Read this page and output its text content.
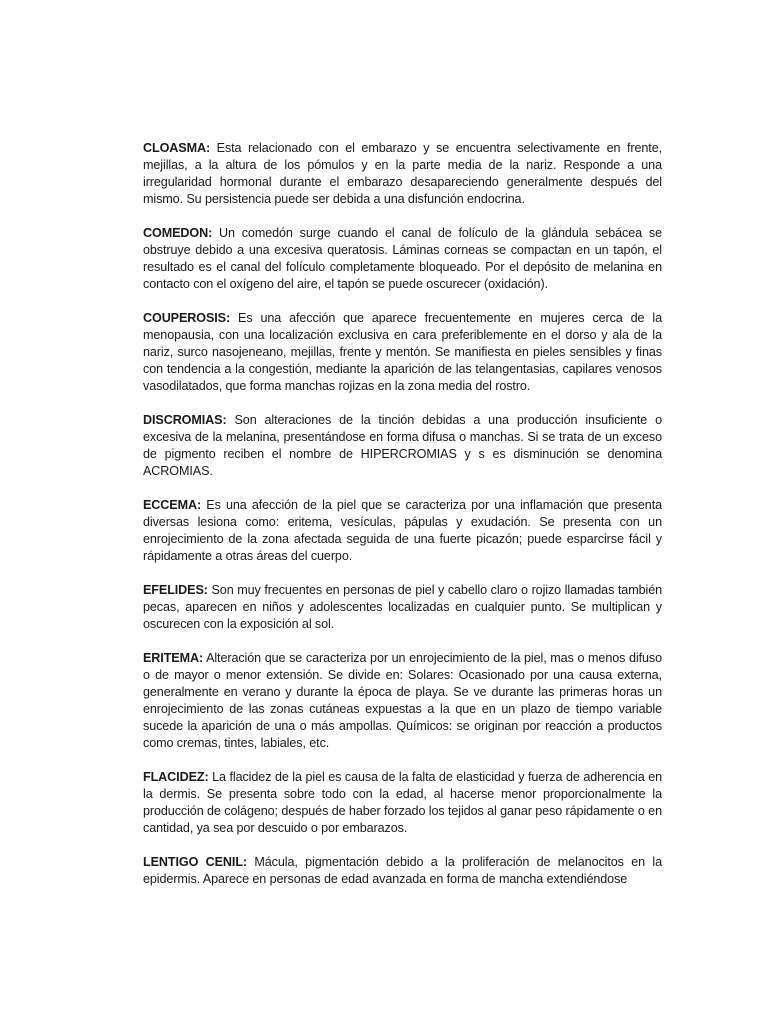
CLOASMA: Esta relacionado con el embarazo y se encuentra selectivamente en frente, mejillas, a la altura de los pómulos y en la parte media de la nariz. Responde a una irregularidad hormonal durante el embarazo desapareciendo generalmente después del mismo. Su persistencia puede ser debida a una disfunción endocrina.

COMEDON: Un comedón surge cuando el canal de folículo de la glándula sebácea se obstruye debido a una excesiva queratosis. Láminas corneas se compactan en un tapón, el resultado es el canal del folículo completamente bloqueado. Por el depósito de melanina en contacto con el oxígeno del aire, el tapón se puede oscurecer (oxidación).

COUPEROSIS: Es una afección que aparece frecuentemente en mujeres cerca de la menopausia, con una localización exclusiva en cara preferiblemente en el dorso y ala de la nariz, surco nasojeneano, mejillas, frente y mentón. Se manifiesta en pieles sensibles y finas con tendencia a la congestión, mediante la aparición de las telangentasias, capilares venosos vasodilatados, que forma manchas rojizas en la zona media del rostro.

DISCROMIAS: Son alteraciones de la tinción debidas a una producción insuficiente o excesiva de la melanina, presentándose en forma difusa o manchas. Si se trata de un exceso de pigmento reciben el nombre de HIPERCROMIAS y s es disminución se denomina ACROMIAS.

ECCEMA: Es una afección de la piel que se caracteriza por una inflamación que presenta diversas lesiona como: eritema, vesículas, pápulas y exudación. Se presenta con un enrojecimiento de la zona afectada seguida de una fuerte picazón; puede esparcirse fácil y rápidamente a otras áreas del cuerpo.

EFELIDES: Son muy frecuentes en personas de piel y cabello claro o rojizo llamadas también pecas, aparecen en niños y adolescentes localizadas en cualquier punto. Se multiplican y oscurecen con la exposición al sol.

ERITEMA: Alteración que se caracteriza por un enrojecimiento de la piel, mas o menos difuso o de mayor o menor extensión. Se divide en: Solares: Ocasionado por una causa externa, generalmente en verano y durante la época de playa. Se ve durante las primeras horas un enrojecimiento de las zonas cutáneas expuestas a la que en un plazo de tiempo variable sucede la aparición de una o más ampollas. Químicos: se originan por reacción a productos como cremas, tintes, labiales, etc.

FLACIDEZ: La flacidez de la piel es causa de la falta de elasticidad y fuerza de adherencia en la dermis. Se presenta sobre todo con la edad, al hacerse menor proporcionalmente la producción de colágeno; después de haber forzado los tejidos al ganar peso rápidamente o en cantidad, ya sea por descuido o por embarazos.

LENTIGO CENIL: Mácula, pigmentación debido a la proliferación de melanocitos en la epidermis. Aparece en personas de edad avanzada en forma de mancha extendiéndose
